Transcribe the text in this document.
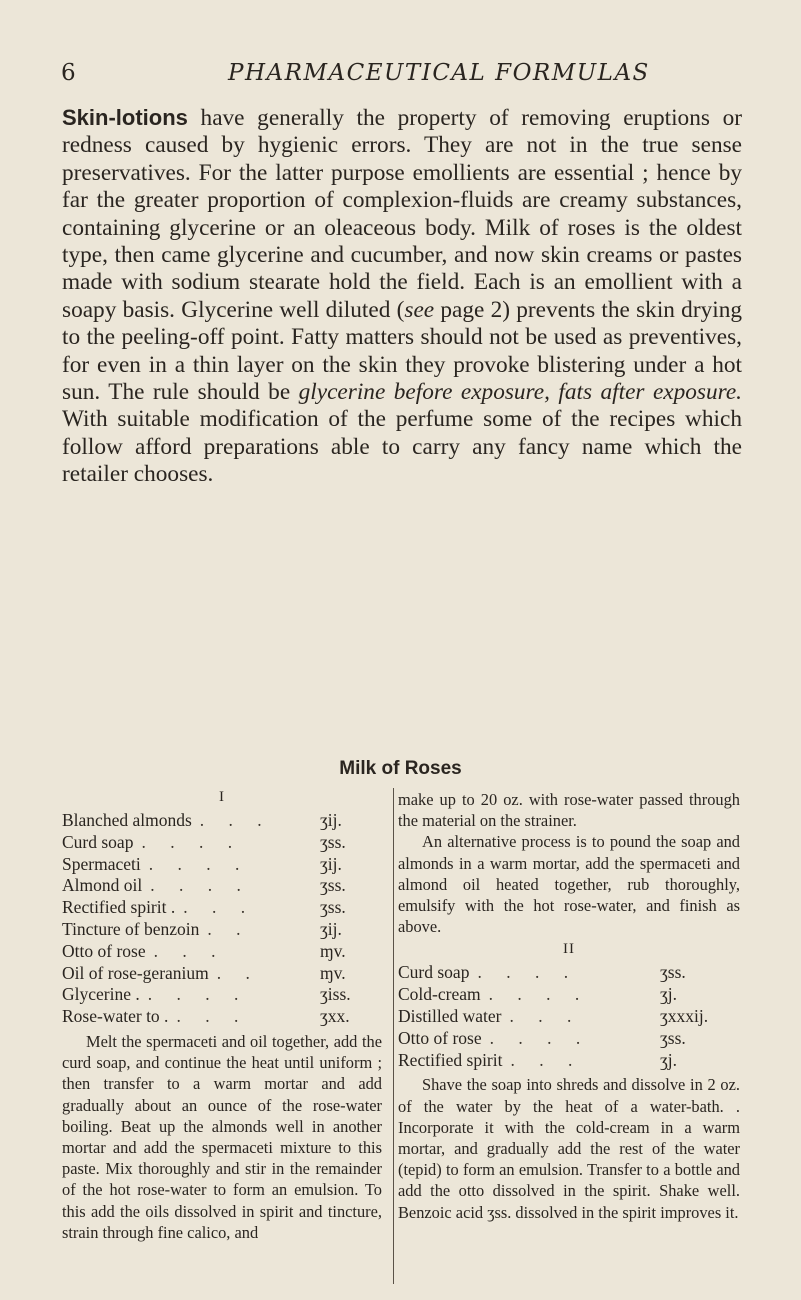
6	PHARMACEUTICAL FORMULAS

Skin-lotions have generally the property of removing eruptions or redness caused by hygienic errors. They are not in the true sense preservatives. For the latter purpose emollients are essential ; hence by far the greater proportion of complexion-fluids are creamy substances, containing glycerine or an oleaceous body. Milk of roses is the oldest type, then came glycerine and cucumber, and now skin creams or pastes made with sodium stearate hold the field. Each is an emollient with a soapy basis. Glycerine well diluted (see page 2) prevents the skin drying to the peeling-off point. Fatty matters should not be used as preventives, for even in a thin layer on the skin they provoke blistering under a hot sun. The rule should be glycerine before exposure, fats after exposure. With suitable modification of the perfume some of the recipes which follow afford preparations able to carry any fancy name which the retailer chooses.

Milk of Roses
I
Blanched almonds . . .	ʒij.
Curd soap . . . .	ʒss.
Spermaceti . . . .	ʒij.
Almond oil . . . .	ʒss.
Rectified spirit . . . .	ʒss.
Tincture of benzoin . .	ʒij.
Otto of rose . . .	ɱv.
Oil of rose-geranium . .	ɱv.
Glycerine . . . . .	ʒiss.
Rose-water to . . . .	ʒxx.

Melt the spermaceti and oil together, add the curd soap, and continue the heat until uniform ; then transfer to a warm mortar and add gradually about an ounce of the rose-water boiling. Beat up the almonds well in another mortar and add the spermaceti mixture to this paste. Mix thoroughly and stir in the remainder of the hot rose-water to form an emulsion. To this add the oils dissolved in spirit and tincture, strain through fine calico, and

make up to 20 oz. with rose-water passed through the material on the strainer.

An alternative process is to pound the soap and almonds in a warm mortar, add the spermaceti and almond oil heated together, rub thoroughly, emulsify with the hot rose-water, and finish as above.

II
Curd soap . . . .	ʒss.
Cold-cream . . . .	ʒj.
Distilled water . . .	ʒxxxij.
Otto of rose . . . .	ʒss.
Rectified spirit . . .	ʒj.

Shave the soap into shreds and dissolve in 2 oz. of the water by the heat of a water-bath. . Incorporate it with the cold-cream in a warm mortar, and gradually add the rest of the water (tepid) to form an emulsion. Transfer to a bottle and add the otto dissolved in the spirit. Shake well. Benzoic acid ʒss. dissolved in the spirit improves it.
